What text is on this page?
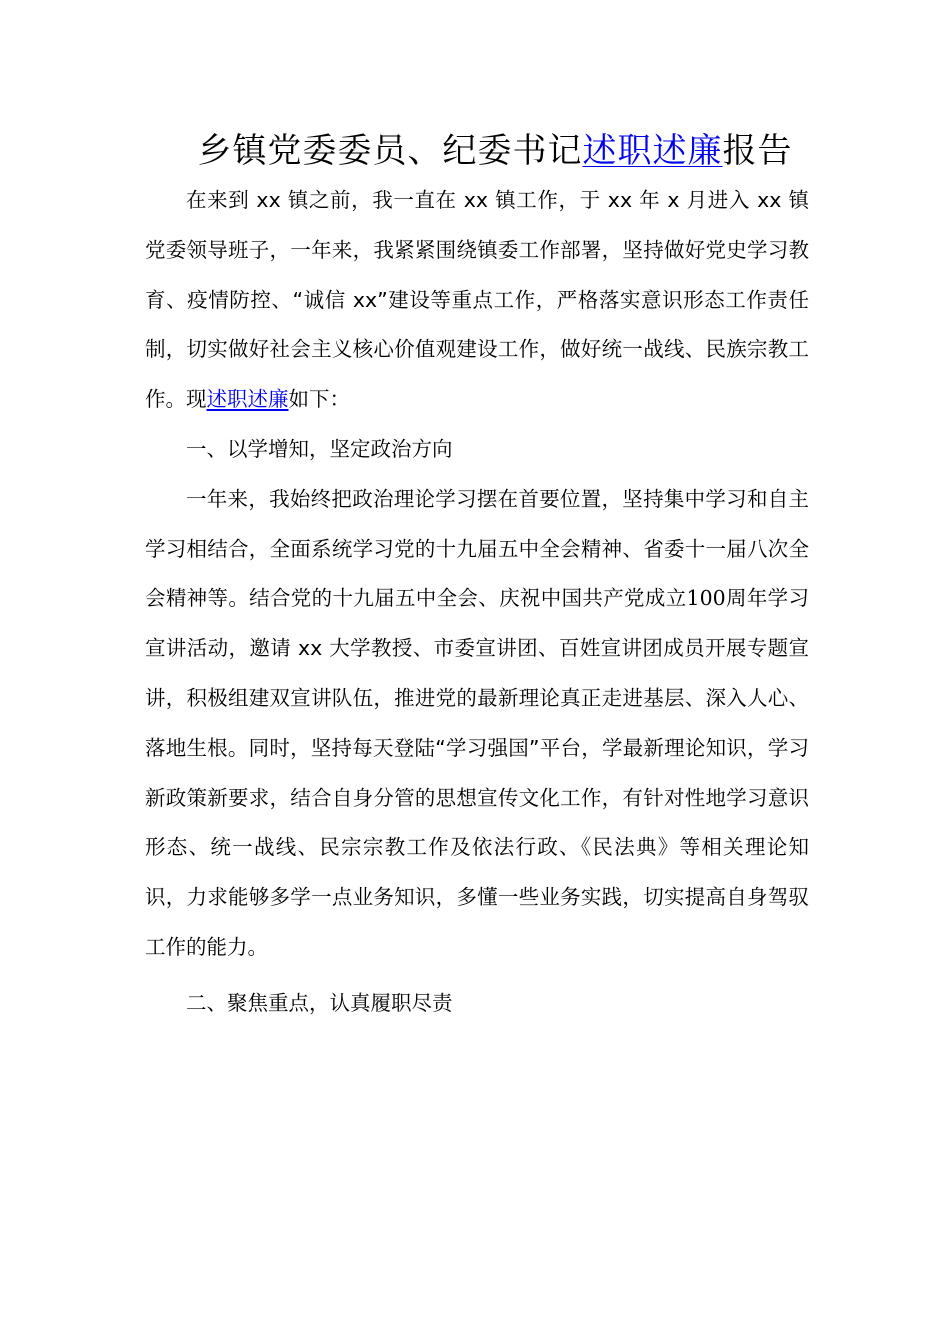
乡镇党委委员、纪委书记述职述廉报告

在来到 xx 镇之前，我一直在 xx 镇工作，于 xx 年 x 月进入 xx 镇党委领导班子，一年来，我紧紧围绕镇委工作部署，坚持做好党史学习教育、疫情防控、“诚信 xx”建设等重点工作，严格落实意识形态工作责任制，切实做好社会主义核心价值观建设工作，做好统一战线、民族宗教工作。现述职述廉如下：

一、以学增知，坚定政治方向

一年来，我始终把政治理论学习摆在首要位置，坚持集中学习和自主学习相结合，全面系统学习党的十九届五中全会精神、省委十一届八次全会精神等。结合党的十九届五中全会、庆祝中国共产党成立100周年学习宣讲活动，邀请 xx 大学教授、市委宣讲团、百姓宣讲团成员开展专题宣讲，积极组建双宣讲队伍，推进党的最新理论真正走进基层、深入人心、落地生根。同时，坚持每天登陆“学习强国”平台，学最新理论知识，学习新政策新要求，结合自身分管的思想宣传文化工作，有针对性地学习意识形态、统一战线、民宗宗教工作及依法行政、《民法典》等相关理论知识，力求能够多学一点业务知识，多懂一些业务实践，切实提高自身驾驭工作的能力。

二、聚焦重点，认真履职尽责
